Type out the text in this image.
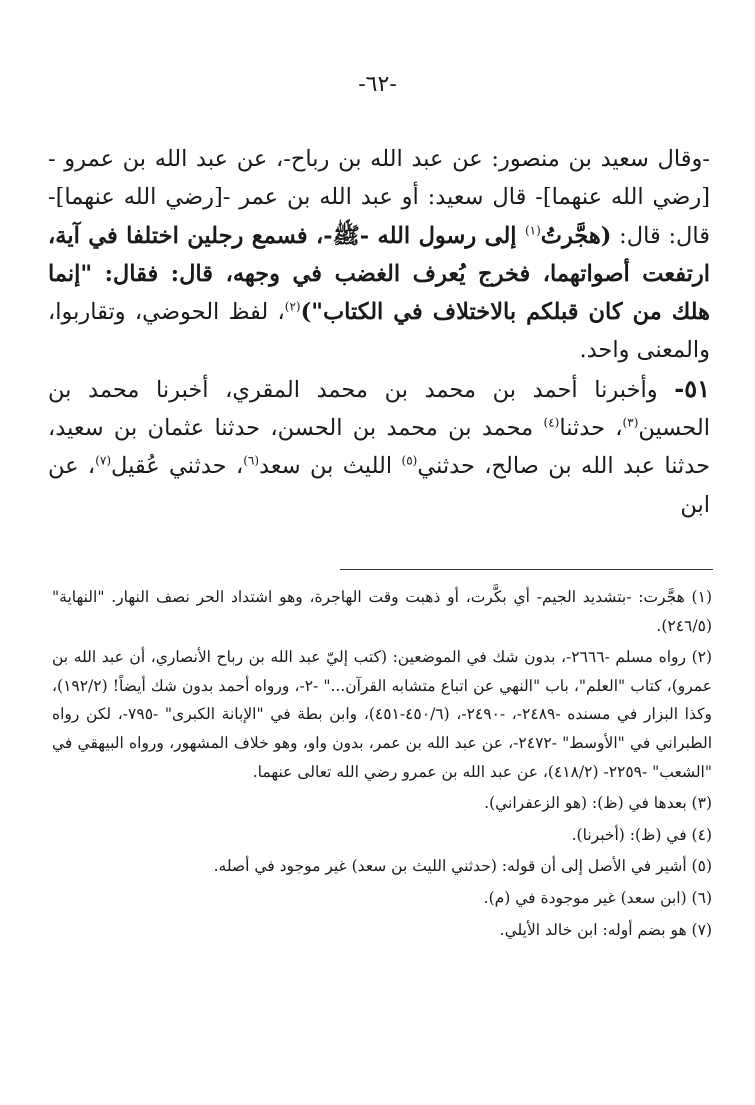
-٦٢-

-وقال سعيد بن منصور: عن عبد الله بن رباح-، عن عبد الله بن عمرو -[رضي الله عنهما]- قال سعيد: أو عبد الله بن عمر -[رضي الله عنهما]- قال: قال: (هجَّرتُ$^{(١)}$ إلى رسول الله -ﷺ-، فسمع رجلين اختلفا في آية، ارتفعت أصواتهما، فخرج يُعرف الغضب في وجهه، قال: فقال: "إنما هلك من كان قبلكم بالاختلاف في الكتاب")$^{(٢)}$، لفظ الحوضي، وتقاربوا، والمعنى واحد.

٥١- وأخبرنا أحمد بن محمد بن محمد المقري، أخبرنا محمد بن الحسين$^{(٣)}$، حدثنا$^{(٤)}$ محمد بن محمد بن الحسن، حدثنا عثمان بن سعيد، حدثنا عبد الله بن صالح، حدثني$^{(٥)}$ الليث بن سعد$^{(٦)}$، حدثني عُقيل$^{(٧)}$، عن ابن

(١) هجَّرت: -بتشديد الجيم- أي بكَّرت، أو ذهبت وقت الهاجرة، وهو اشتداد الحر نصف النهار. "النهاية" (٢٤٦/٥).

(٢) رواه مسلم -٢٦٦٦-، بدون شك في الموضعين: (كتب إليّ عبد الله بن رباح الأنصاري، أن عبد الله بن عمرو)، كتاب "العلم"، باب "النهي عن اتباع متشابه القرآن..." -٢-، ورواه أحمد بدون شك أيضاً! (١٩٢/٢)، وكذا البزار في مسنده -٢٤٨٩-، -٢٤٩٠-، (٤٥٠/٦-٤٥١)، وابن بطة في "الإبانة الكبرى" -٧٩٥-، لكن رواه الطبراني في "الأوسط" -٢٤٧٢-، عن عبد الله بن عمر، بدون واو، وهو خلاف المشهور، ورواه البيهقي في "الشعب" -٢٢٥٩- (٤١٨/٢)، عن عبد الله بن عمرو رضي الله تعالى عنهما.

(٣) بعدها في (ظ): (هو الزعفراني).

(٤) في (ظ): (أخبرنا).

(٥) أشير في الأصل إلى أن قوله: (حدثني الليث بن سعد) غير موجود في أصله.

(٦) (ابن سعد) غير موجودة في (م).

(٧) هو بضم أوله: ابن خالد الأيلي.
